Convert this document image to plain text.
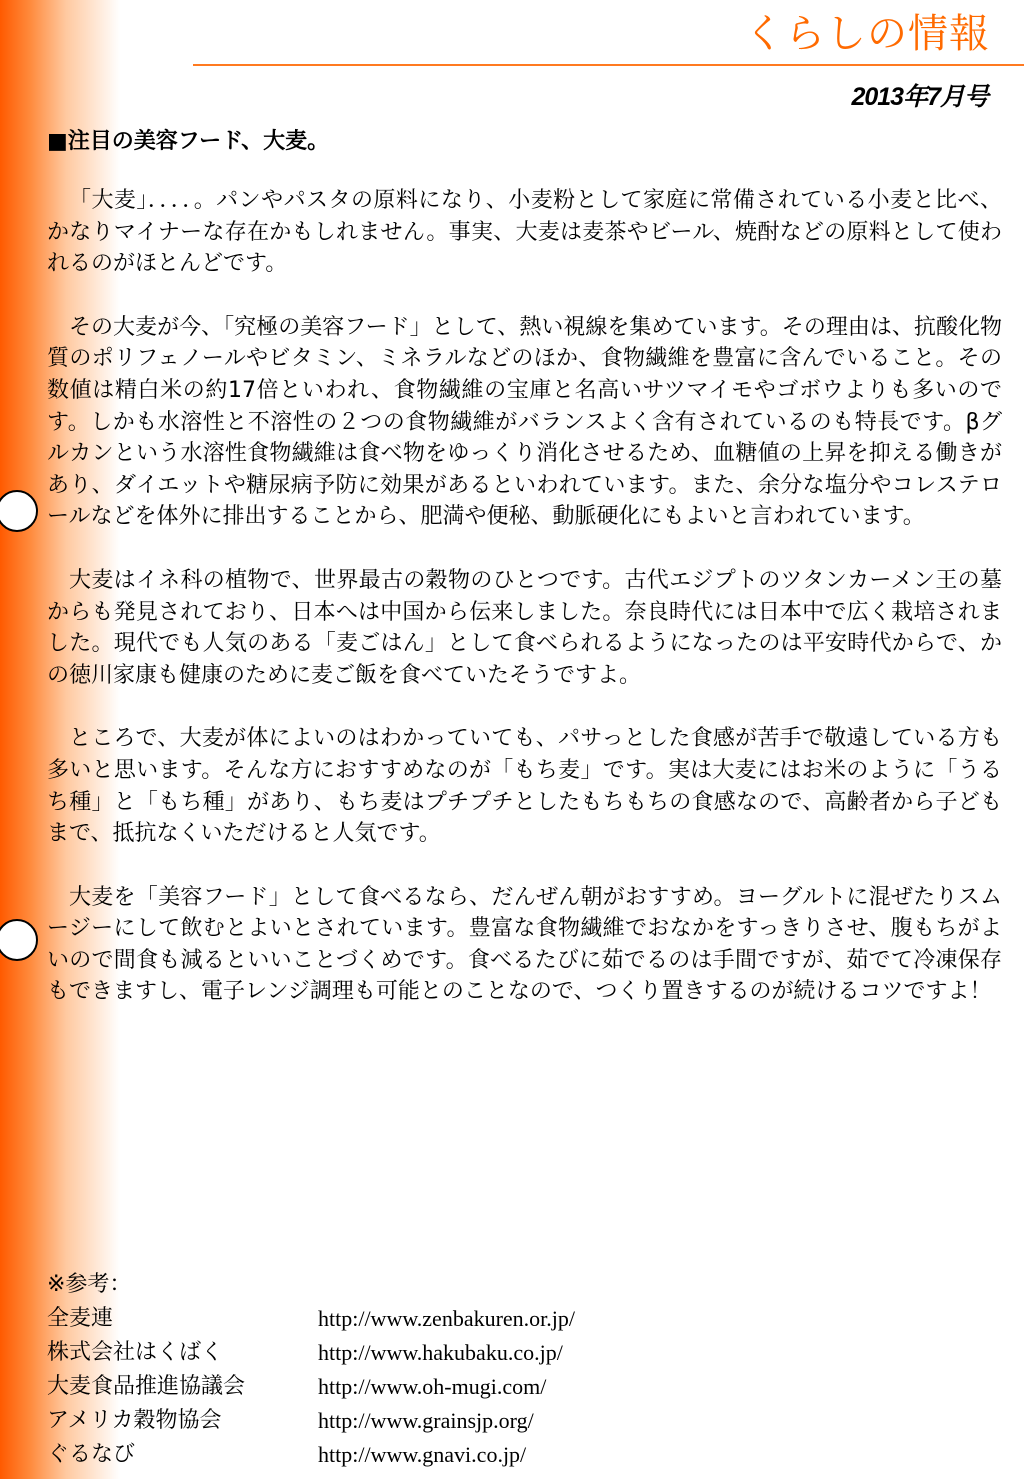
くらしの情報
2013年7月号
■注目の美容フード、大麦。

「大麦」．．．．。パンやパスタの原料になり、小麦粉として家庭に常備されている小麦と比べ、かなりマイナーな存在かもしれません。事実、大麦は麦茶やビール、焼酎などの原料として使われるのがほとんどです。

その大麦が今、「究極の美容フード」として、熱い視線を集めています。その理由は、抗酸化物質のポリフェノールやビタミン、ミネラルなどのほか、食物繊維を豊富に含んでいること。その数値は精白米の約17倍といわれ、食物繊維の宝庫と名高いサツマイモやゴボウよりも多いのです。しかも水溶性と不溶性の２つの食物繊維がバランスよく含有されているのも特長です。βグルカンという水溶性食物繊維は食べ物をゆっくり消化させるため、血糖値の上昇を抑える働きがあり、ダイエットや糖尿病予防に効果があるといわれています。また、余分な塩分やコレステロールなどを体外に排出することから、肥満や便秘、動脈硬化にもよいと言われています。

大麦はイネ科の植物で、世界最古の穀物のひとつです。古代エジプトのツタンカーメン王の墓からも発見されており、日本へは中国から伝来しました。奈良時代には日本中で広く栽培されました。現代でも人気のある「麦ごはん」として食べられるようになったのは平安時代からで、かの徳川家康も健康のために麦ご飯を食べていたそうですよ。

ところで、大麦が体によいのはわかっていても、パサっとした食感が苦手で敬遠している方も多いと思います。そんな方におすすめなのが「もち麦」です。実は大麦にはお米のように「うるち種」と「もち種」があり、もち麦はプチプチとしたもちもちの食感なので、高齢者から子どもまで、抵抗なくいただけると人気です。

大麦を「美容フード」として食べるなら、だんぜん朝がおすすめ。ヨーグルトに混ぜたりスムージーにして飲むとよいとされています。豊富な食物繊維でおなかをすっきりさせ、腹もちがよいので間食も減るといいことづくめです。食べるたびに茹でるのは手間ですが、茹でて冷凍保存もできますし、電子レンジ調理も可能とのことなので、つくり置きするのが続けるコツですよ！

※参考：
全麦連	http://www.zenbakuren.or.jp/
株式会社はくばく	http://www.hakubaku.co.jp/
大麦食品推進協議会	http://www.oh-mugi.com/
アメリカ穀物協会	http://www.grainsjp.org/
ぐるなび	http://www.gnavi.co.jp/
